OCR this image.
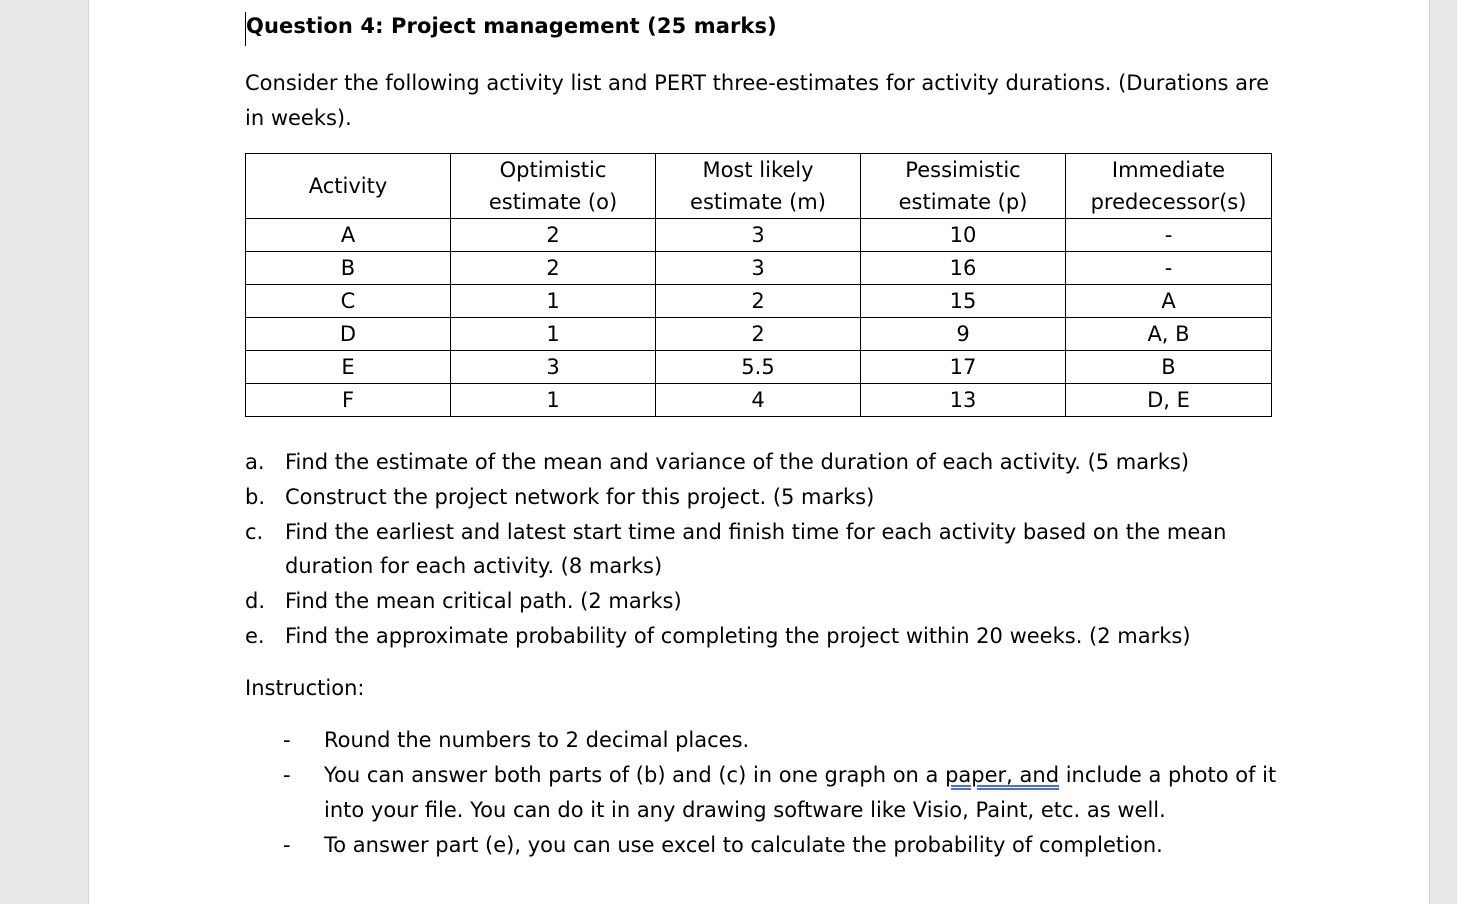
Question 4: Project management (25 marks)
Consider the following activity list and PERT three-estimates for activity durations. (Durations are in weeks).
Activity	Optimistic estimate (o)	Most likely estimate (m)	Pessimistic estimate (p)	Immediate predecessor(s)
A	2	3	10	-
B	2	3	16	-
C	1	2	15	A
D	1	2	9	A, B
E	3	5.5	17	B
F	1	4	13	D, E
a. Find the estimate of the mean and variance of the duration of each activity. (5 marks)
b. Construct the project network for this project. (5 marks)
c.	Find the earliest and latest start time and finish time for each activity based on the mean duration for each activity. (8 marks)
d. Find the mean critical path. (2 marks)
e. Find the approximate probability of completing the project within 20 weeks. (2 marks)
Instruction:
-	Round the numbers to 2 decimal places.
-	You can answer both parts of (b) and (c) in one graph on a paper, and include a photo of it into your file. You can do it in any drawing software like Visio, Paint, etc. as well.
-	To answer part (e), you can use excel to calculate the probability of completion.
